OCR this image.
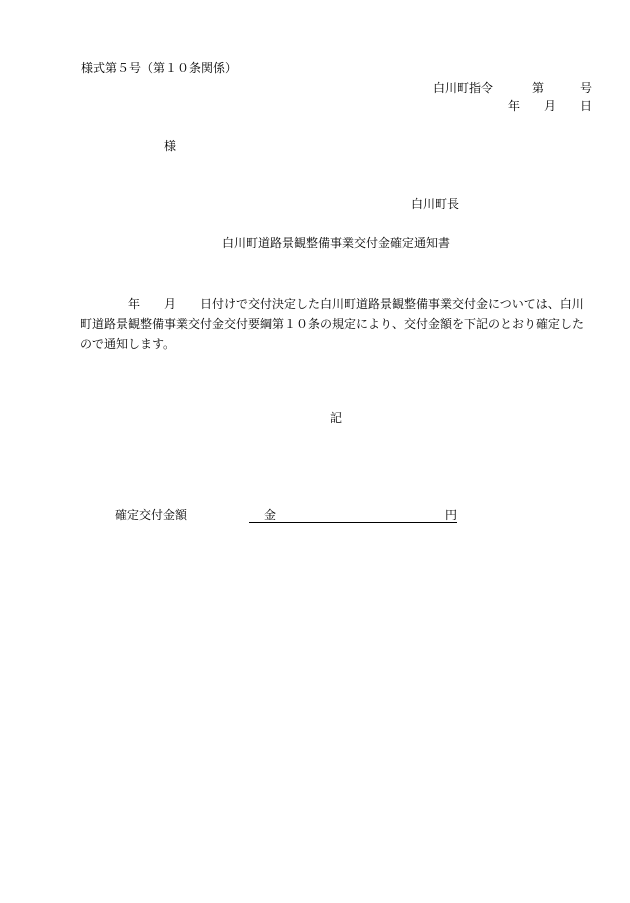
様式第５号（第１０条関係）
白川町指令	第	号
年 月 日
様
白川町長
白川町道路景観整備事業交付金確定通知書
年 月 日付けで交付決定した白川町道路景観整備事業交付金については、白川
町道路景観整備事業交付金交付要綱第１０条の規定により、交付金額を下記のとおり確定した
ので通知します。
記
確定交付金額	金	円
